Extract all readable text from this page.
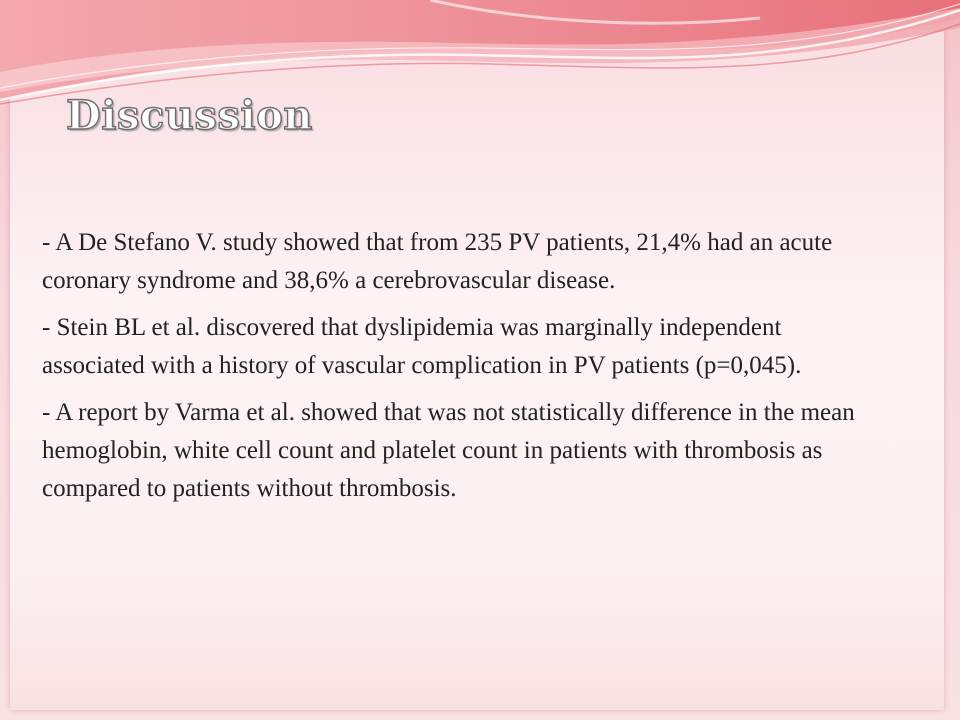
Discussion

- A De Stefano V. study showed that from 235 PV patients, 21,4% had an acute coronary syndrome and 38,6% a cerebrovascular disease.

- Stein BL et al. discovered that dyslipidemia was marginally independent associated with a history of vascular complication in PV patients (p=0,045).

- A report by Varma et al. showed that was not statistically difference in the mean hemoglobin, white cell count and platelet count in patients with thrombosis as compared to patients without thrombosis.
